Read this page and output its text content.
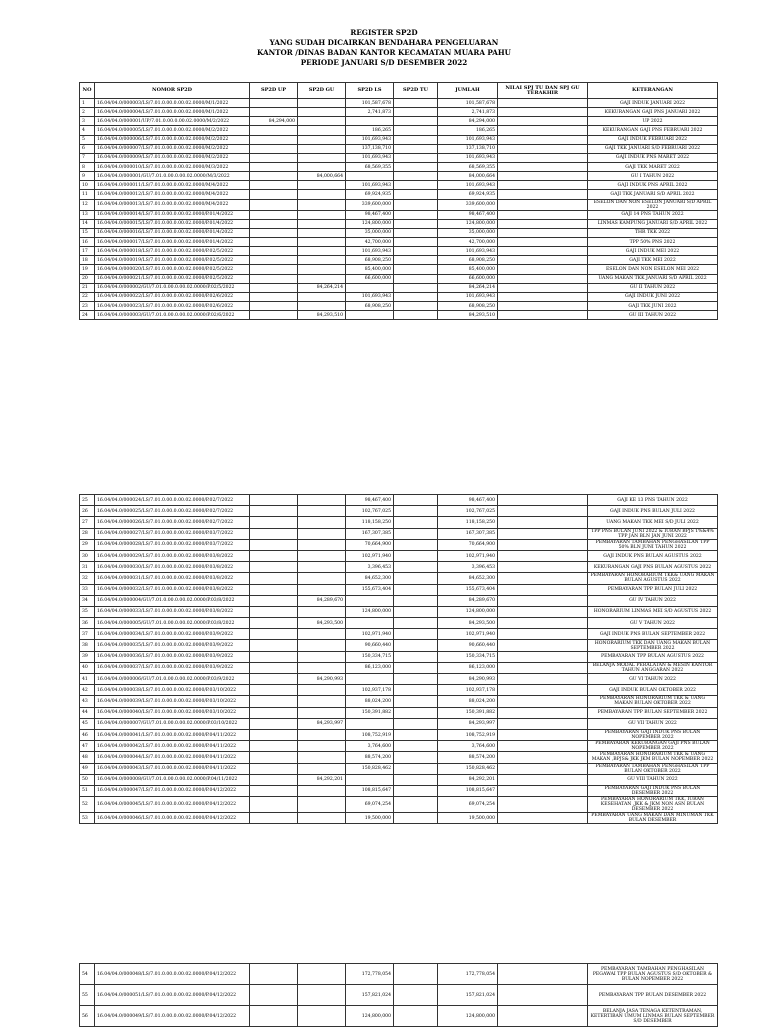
REGISTER SP2D
YANG SUDAH DICAIRKAN BENDAHARA PENGELUARAN
KANTOR /DINAS BADAN KANTOR KECAMATAN MUARA PAHU
PERIODE JANUARI S/D DESEMBER 2022
NO	NOMOR SP2D	SP2D UP	SP2D GU	SP2D LS	SP2D TU	JUMLAH	NILAI SPJ TU DAN SPJ GU TERAKHIR	KETERANGAN
1	16.04/04.0/000003/LS/7.01.0.00.0.00.02.0000/M/1/2022			101,587,678		101,587,678		GAJI INDUK JANUARI 2022
2	16.04/04.0/000004/LS/7.01.0.00.0.00.02.0000/M/1/2022			2,741,873		2,741,873		KEKURANGAN GAJI PNS JANUARI 2022
3	16.04/04.0/000001/UP/7.01.0.00.0.00.02.0000/M/2/2022	84,294,000				84,294,000		UP 2022
4	16.04/04.0/000005/LS/7.01.0.00.0.00.02.0000/M/2/2022			186,265		186,265		KEKURANGAN GAJI PNS FEBRUARI 2022
5	16.04/04.0/000006/LS/7.01.0.00.0.00.02.0000/M/2/2022			101,693,943		101,693,943		GAJI INDUK FEBRUARI 2022
6	16.04/04.0/000007/LS/7.01.0.00.0.00.02.0000/M/2/2022			137,138,710		137,138,710		GAJI TKK JANUARI S/D FEBRUARI 2022
7	16.04/04.0/000009/LS/7.01.0.00.0.00.02.0000/M/2/2022			101,693,943		101,693,943		GAJI INDUK PNS MARET 2022
8	16.04/04.0/000010/LS/7.01.0.00.0.00.02.0000/M/3/2022			68,569,355		68,569,355		GAJI TKK MARET 2022
9	16.04/04.0/000001/GU/7.01.0.00.0.00.02.0000/M/3/2022		84,000,664			84,000,664		GU I TAHUN 2022
10	16.04/04.0/000011/LS/7.01.0.00.0.00.02.0000/M/4/2022			101,693,943		101,693,943		GAJI INDUK PNS APRIL 2022
11	16.04/04.0/000012/LS/7.01.0.00.0.00.02.0000/M/4/2022			69,924,935		69,924,935		GAJI TKK JANUARI S/D APRIL 2022
12	16.04/04.0/000013/LS/7.01.0.00.0.00.02.0000/M/4/2022			339,600,000		339,600,000		ESELON DAN NON ESELON JANUARI S/D APRIL 2022
13	16.04/04.0/000014/LS/7.01.0.00.0.00.02.0000/P.01/4/2022			98,467,400		98,467,400		GAJI 14 PNS TAHUN 2022
14	16.04/04.0/000015/LS/7.01.0.00.0.00.02.0000/P.01/4/2022			124,800,000		124,800,000		LINMAS KAMPUNG JANUARI S/D APRIL 2022
15	16.04/04.0/000016/LS/7.01.0.00.0.00.02.0000/P.01/4/2022			35,000,000		35,000,000		THR TKK 2022
16	16.04/04.0/000017/LS/7.01.0.00.0.00.02.0000/P.01/4/2022			42,700,000		42,700,000		TPP 50% PNS 2022
17	16.04/04.0/000018/LS/7.01.0.00.0.00.02.0000/P.02/5/2022			101,693,943		101,693,943		GAJI INDUK MEI 2022
18	16.04/04.0/000019/LS/7.01.0.00.0.00.02.0000/P.02/5/2022			68,908,250		68,908,250		GAJI TKK MEI 2022
19	16.04/04.0/000020/LS/7.01.0.00.0.00.02.0000/P.02/5/2022			85,400,000		85,400,000		ESELON DAN NON ESELON MEI 2022
20	16.04/04.0/000021/LS/7.01.0.00.0.00.02.0000/P.02/5/2022			66,600,000		66,600,000		UANG MAKAN TKK JANUARI S/D APRIL 2022
21	16.04/04.0/000002/GU/7.01.0.00.0.00.02.0000/P.02/5/2022		84,264,214			84,264,214		GU II TAHUN 2022
22	16.04/04.0/000022/LS/7.01.0.00.0.00.02.0000/P.02/6/2022			101,693,943		101,693,943		GAJI INDUK JUNI 2022
23	16.04/04.0/000023/LS/7.01.0.00.0.00.02.0000/P.02/6/2022			68,908,250		68,908,250		GAJI TKK JUNI 2022
24	16.04/04.0/000003/GU/7.01.0.00.0.00.02.0000/P.02/6/2022		84,293,510			84,293,510		GU III TAHUN 2022
25	16.04/04.0/000024/LS/7.01.0.00.0.00.02.0000/P.02/7/2022			98,467,400		98,467,400		GAJI KE 13 PNS TAHUN 2022
26	16.04/04.0/000025/LS/7.01.0.00.0.00.02.0000/P.02/7/2022			102,767,025		102,767,025		GAJI INDUK PNS BULAN JULI 2022
27	16.04/04.0/000026/LS/7.01.0.00.0.00.02.0000/P.02/7/2022			118,158,250		118,158,250		UANG MAKAN TKK MEI S/D JULI 2022
28	16.04/04.0/000027/LS/7.01.0.00.0.00.02.0000/P.03/7/2022			167,307,385		167,307,385		TPP PNS BULAN JUNI 2022 & IURAN BPJS 1%&4% TPP JAN BLN JAN JUNI 2022
29	16.04/04.0/000028/LS/7.01.0.00.0.00.02.0000/P.03/7/2022			70,664,900		70,664,900		PEMBAYARAN TAMBAHAN PENGHASILAN TPP 50% BLN JUNI TAHUN 2022
30	16.04/04.0/000029/LS/7.01.0.00.0.00.02.0000/P.03/8/2022			102,971,940		102,971,940		GAJI INDUK PNS BULAN AGUSTUS 2022
31	16.04/04.0/000030/LS/7.01.0.00.0.00.02.0000/P.03/8/2022			3,396,453		3,396,453		KEKURANGAN GAJI PNS BULAN AGUSTUS 2022
32	16.04/04.0/000031/LS/7.01.0.00.0.00.02.0000/P.03/8/2022			84,652,300		84,652,300		PEMBAYARAN HONORARIUM TKK& UANG MAKAN BULAN AGUSTUS 2022
33	16.04/04.0/000032/LS/7.01.0.00.0.00.02.0000/P.03/8/2022			155,673,404		155,673,404		PEMBAYARAN TPP BULAN JULI 2022
34	16.04/04.0/000004/GU/7.01.0.00.0.00.02.0000/P.03/8/2022		84,289,670			84,289,670		GU IV TAHUN 2022
35	16.04/04.0/000033/LS/7.01.0.00.0.00.02.0000/P.03/8/2022			124,800,000		124,800,000		HONORARIUM LINMAS MEI S/D AGUSTUS 2022
36	16.04/04.0/000005/GU/7.01.0.00.0.00.02.0000/P.03/8/2022		84,293,500			84,293,500		GU V TAHUN 2022
37	16.04/04.0/000034/LS/7.01.0.00.0.00.02.0000/P.03/9/2022			102,971,940		102,971,940		GAJI INDUK PNS BULAN SEPTEMBER 2022
38	16.04/04.0/000035/LS/7.01.0.00.0.00.02.0000/P.03/9/2022			90,660,440		90,660,440		HONORARIUM TKK DAN UANG MAKAN BULAN SEPTEMBER 2022
39	16.04/04.0/000036/LS/7.01.0.00.0.00.02.0000/P.03/9/2022			150,334,715		150,334,715		PEMBAYARAN TPP BULAN AGUSTUS 2022
40	16.04/04.0/000037/LS/7.01.0.00.0.00.02.0000/P.03/9/2022			86,123,000		86,123,000		BELANJA MODAL PERALATAN & MESIN KANTOR TAHUN ANGGARAN 2022
41	16.04/04.0/000006/GU/7.01.0.00.0.00.02.0000/P.03/9/2022		84,290,993			84,290,993		GU VI TAHUN 2022
42	16.04/04.0/000038/LS/7.01.0.00.0.00.02.0000/P.03/10/2022			102,937,178		102,937,178		GAJI INDUK BULAN OKTOBER 2022
43	16.04/04.0/000039/LS/7.01.0.00.0.00.02.0000/P.03/10/2022			88,024,200		88,024,200		PEMBAYARAN HONORARIUM TKK & UANG MAKAN BULAN OKTOBER 2022
44	16.04/04.0/000040/LS/7.01.0.00.0.00.02.0000/P.03/10/2022			150,391,882		150,391,882		PEMBAYARAN TPP BULAN SEPTEMBER 2022
45	16.04/04.0/000007/GU/7.01.0.00.0.00.02.0000/P.03/10/2022		84,293,997			84,293,997		GU VII TAHUN 2022
46	16.04/04.0/000041/LS/7.01.0.00.0.00.02.0000/P.04/11/2022			108,752,919		108,752,919		PEMBAYARAN GAJI INDUK PNS BULAN NOPEMBER 2022
47	16.04/04.0/000042/LS/7.01.0.00.0.00.02.0000/P.04/11/2022			3,764,600		3,764,600		PEMBAYARAN KEKURANGAN GAJI PNS BULAN NOPEMBER 2022
48	16.04/04.0/000044/LS/7.01.0.00.0.00.02.0000/P.04/11/2022			88,574,200		88,574,200		PEMBAYARAN HONORARIUM TKK & UANG MAKAN ,BPJS& JKK JKM BULAN NOPEMBER 2022
49	16.04/04.0/000043/LS/7.01.0.00.0.00.02.0000/P.04/11/2022			150,828,462		150,828,462		PEMBAYARAN TAMBAHAN PENGHASILAN TPP BULAN OKTOBER 2022
50	16.04/04.0/000008/GU/7.01.0.00.0.00.02.0000/P.04/11/2022		84,292,201			84,292,201		GU VIII TAHUN 2022
51	16.04/04.0/000047/LS/7.01.0.00.0.00.02.0000/P.04/12/2022			108,815,647		108,815,647		PEMBAYARAN GAJI INDUK PNS BULAN DESEMBER 2022
52	16.04/04.0/000045/LS/7.01.0.00.0.00.02.0000/P.04/12/2022			69,074,254		69,074,254		PEMBAYARAN HONORARIUM TKK, IURAN KESEHATAN ,JKK & JKM NON ASN BULAN DESEMBER 2022
53	16.04/04.0/000046/LS/7.01.0.00.0.00.02.0000/P.04/12/2022			19,500,000		19,500,000		PEMBAYARAN UANG MAKAN DAN MINUMAN TKK BULAN DESEMBER
54	16.04/04.0/000048/LS/7.01.0.00.0.00.02.0000/P.04/12/2022			172,778,054		172,778,054		PEMBAYARAN TAMBAHAN PENGHASILAN PEGAWAI TPP BULAN AGUSTUS S/D OKTOBER & BULAN NOPEMBER 2022
55	16.04/04.0/000051/LS/7.01.0.00.0.00.02.0000/P.04/12/2022			157,821,024		157,821,024		PEMBAYARAN TPP BULAN DESEMBER 2022
56	16.04/04.0/000049/LS/7.01.0.00.0.00.02.0000/P.04/12/2022			124,800,000		124,800,000		BELANJA JASA TENAGA KETENTRAMAN, KETERTIBAN UMUM LINMAS BULAN SEPTEMBER S/D DESEMBER
